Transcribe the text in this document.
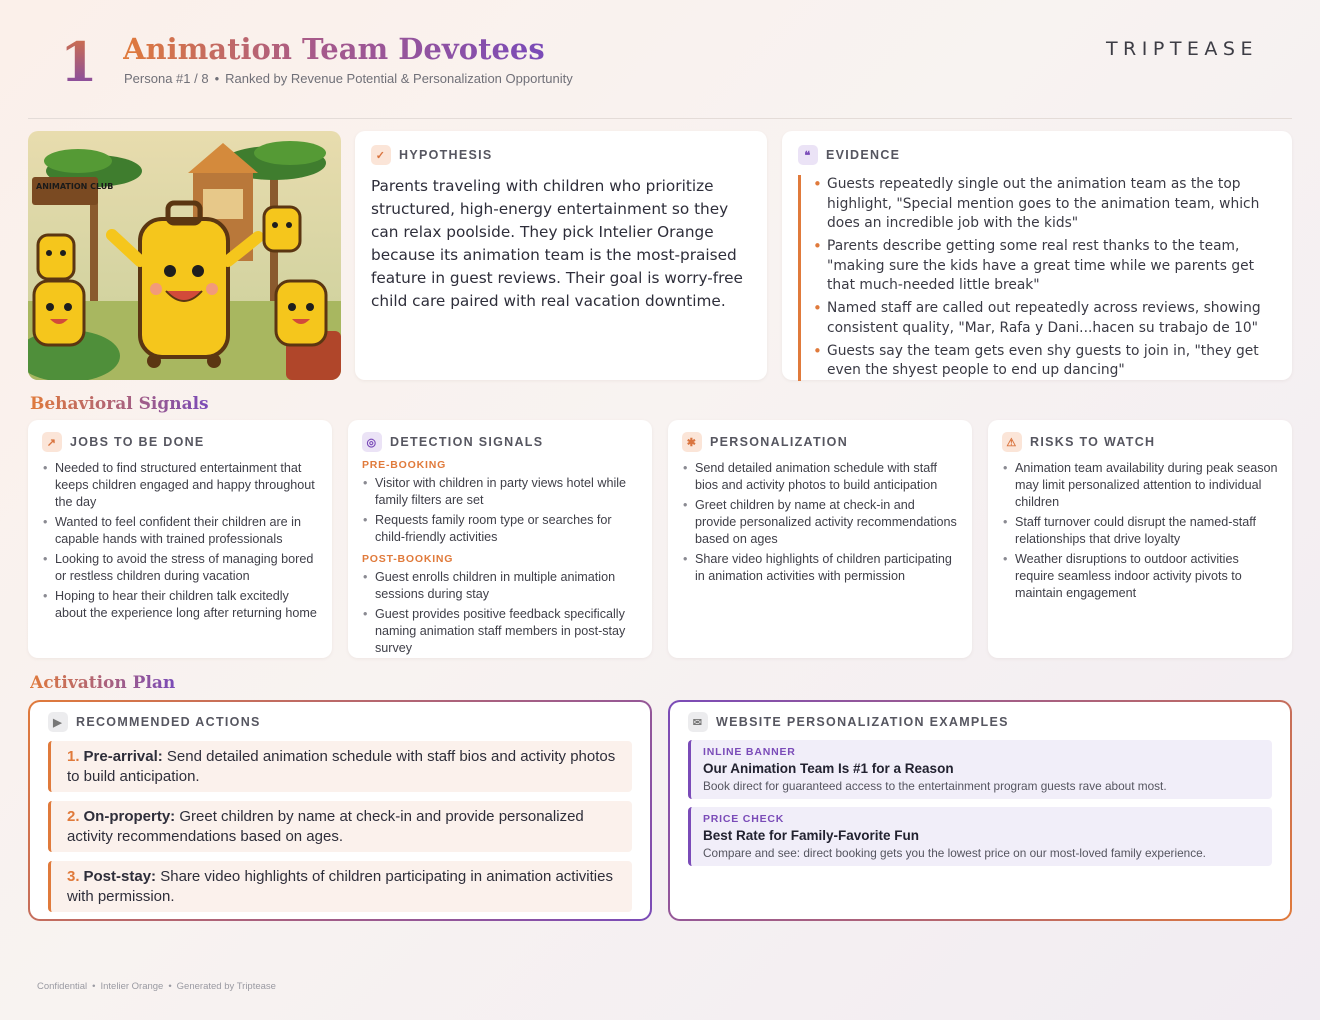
1 Animation Team Devotees
Persona #1 / 8 • Ranked by Revenue Potential & Personalization Opportunity
TRIPTEASE
ANIMATION CLUB
✓	HYPOTHESIS
Parents traveling with children who prioritize structured, high-energy entertainment so they can relax poolside. They pick Intelier Orange because its animation team is the most-praised feature in guest reviews. Their goal is worry-free child care paired with real vacation downtime.
❝	EVIDENCE
• Guests repeatedly single out the animation team as the top highlight, "Special mention goes to the animation team, which does an incredible job with the kids"
• Parents describe getting some real rest thanks to the team, "making sure the kids have a great time while we parents get that much-needed little break"
• Named staff are called out repeatedly across reviews, showing consistent quality, "Mar, Rafa y Dani...hacen su trabajo de 10"
• Guests say the team gets even shy guests to join in, "they get even the shyest people to end up dancing"
Behavioral Signals
↗	JOBS TO BE DONE
• Needed to find structured entertainment that keeps children engaged and happy throughout the day
• Wanted to feel confident their children are in capable hands with trained professionals
• Looking to avoid the stress of managing bored or restless children during vacation
• Hoping to hear their children talk excitedly about the experience long after returning home
◎	DETECTION SIGNALS
PRE-BOOKING
• Visitor with children in party views hotel while family filters are set
• Requests family room type or searches for child-friendly activities
POST-BOOKING
• Guest enrolls children in multiple animation sessions during stay
• Guest provides positive feedback specifically naming animation staff members in post-stay survey
✱	PERSONALIZATION
• Send detailed animation schedule with staff bios and activity photos to build anticipation
• Greet children by name at check-in and provide personalized activity recommendations based on ages
• Share video highlights of children participating in animation activities with permission
⚠ RISKS TO WATCH
• Animation team availability during peak season may limit personalized attention to individual children
• Staff turnover could disrupt the named-staff relationships that drive loyalty
• Weather disruptions to outdoor activities require seamless indoor activity pivots to maintain engagement
Activation Plan
▶	RECOMMENDED ACTIONS
1. Pre-arrival: Send detailed animation schedule with staff bios and activity photos to build anticipation.
2. On-property: Greet children by name at check-in and provide personalized activity recommendations based on ages.
3. Post-stay: Share video highlights of children participating in animation activities with permission.
✉	WEBSITE PERSONALIZATION EXAMPLES
INLINE BANNER
Our Animation Team Is #1 for a Reason
Book direct for guaranteed access to the entertainment program guests rave about most.
PRICE CHECK
Best Rate for Family-Favorite Fun
Compare and see: direct booking gets you the lowest price on our most-loved family experience.
Confidential • Intelier Orange • Generated by Triptease
